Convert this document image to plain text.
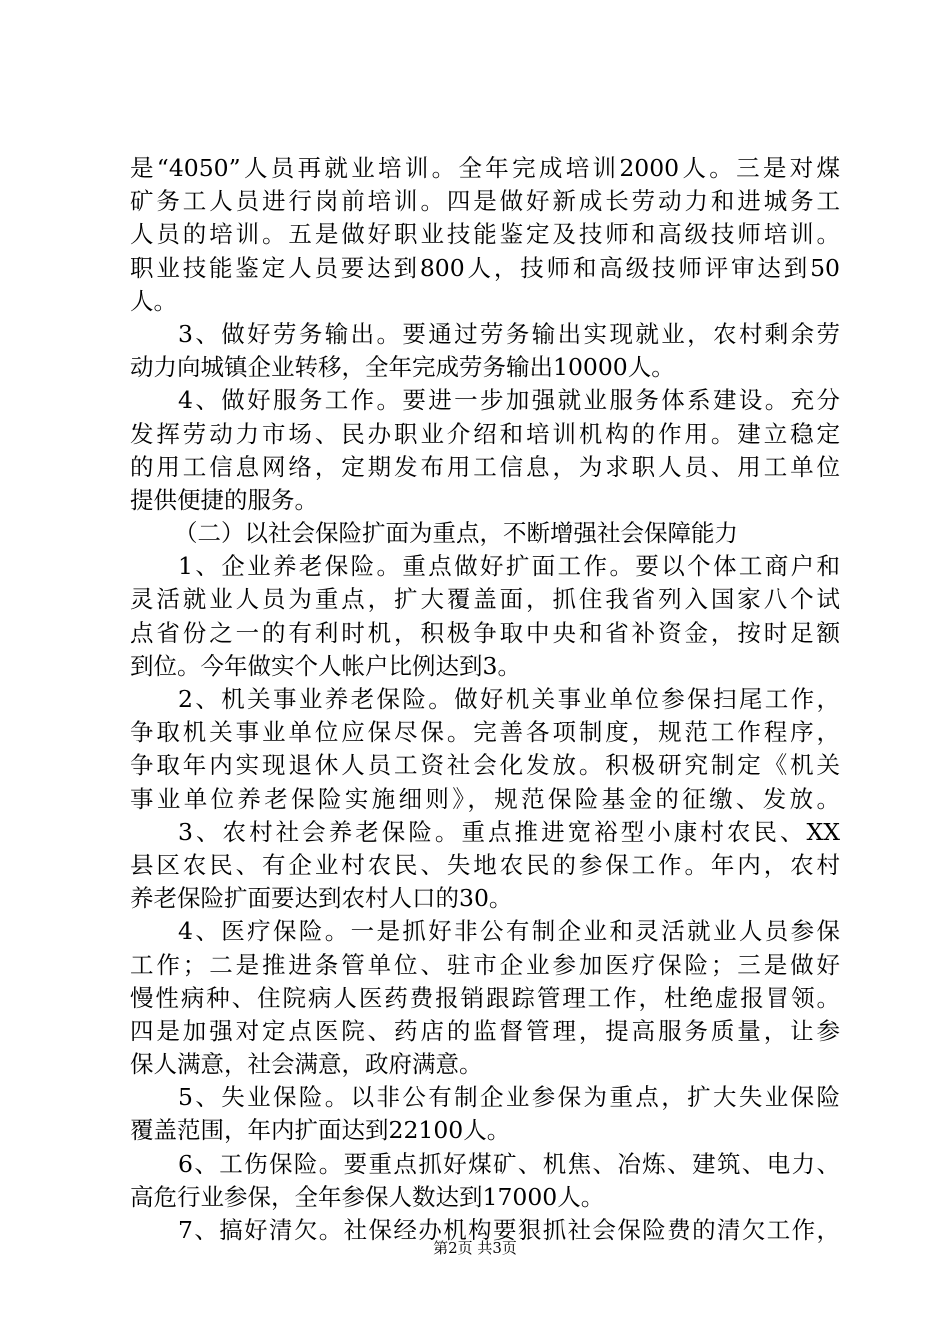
是“4050”人员再就业培训。全年完成培训2000人。三是对煤
矿务工人员进行岗前培训。四是做好新成长劳动力和进城务工
人员的培训。五是做好职业技能鉴定及技师和高级技师培训。
职业技能鉴定人员要达到800人，技师和高级技师评审达到50
人。
3、做好劳务输出。要通过劳务输出实现就业，农村剩余劳
动力向城镇企业转移，全年完成劳务输出10000人。
4、做好服务工作。要进一步加强就业服务体系建设。充分
发挥劳动力市场、民办职业介绍和培训机构的作用。建立稳定
的用工信息网络，定期发布用工信息，为求职人员、用工单位
提供便捷的服务。
（二）以社会保险扩面为重点，不断增强社会保障能力
1、企业养老保险。重点做好扩面工作。要以个体工商户和
灵活就业人员为重点，扩大覆盖面，抓住我省列入国家八个试
点省份之一的有利时机，积极争取中央和省补资金，按时足额
到位。今年做实个人帐户比例达到3。
2、机关事业养老保险。做好机关事业单位参保扫尾工作，
争取机关事业单位应保尽保。完善各项制度，规范工作程序，
争取年内实现退休人员工资社会化发放。积极研究制定《机关
事业单位养老保险实施细则》，规范保险基金的征缴、发放。
3、农村社会养老保险。重点推进宽裕型小康村农民、XX
县区农民、有企业村农民、失地农民的参保工作。年内，农村
养老保险扩面要达到农村人口的30。
4、医疗保险。一是抓好非公有制企业和灵活就业人员参保
工作；二是推进条管单位、驻市企业参加医疗保险；三是做好
慢性病种、住院病人医药费报销跟踪管理工作，杜绝虚报冒领。
四是加强对定点医院、药店的监督管理，提高服务质量，让参
保人满意，社会满意，政府满意。
5、失业保险。以非公有制企业参保为重点，扩大失业保险
覆盖范围，年内扩面达到22100人。
6、工伤保险。要重点抓好煤矿、机焦、冶炼、建筑、电力、
高危行业参保，全年参保人数达到17000人。
7、搞好清欠。社保经办机构要狠抓社会保险费的清欠工作，
第2页 共3页
